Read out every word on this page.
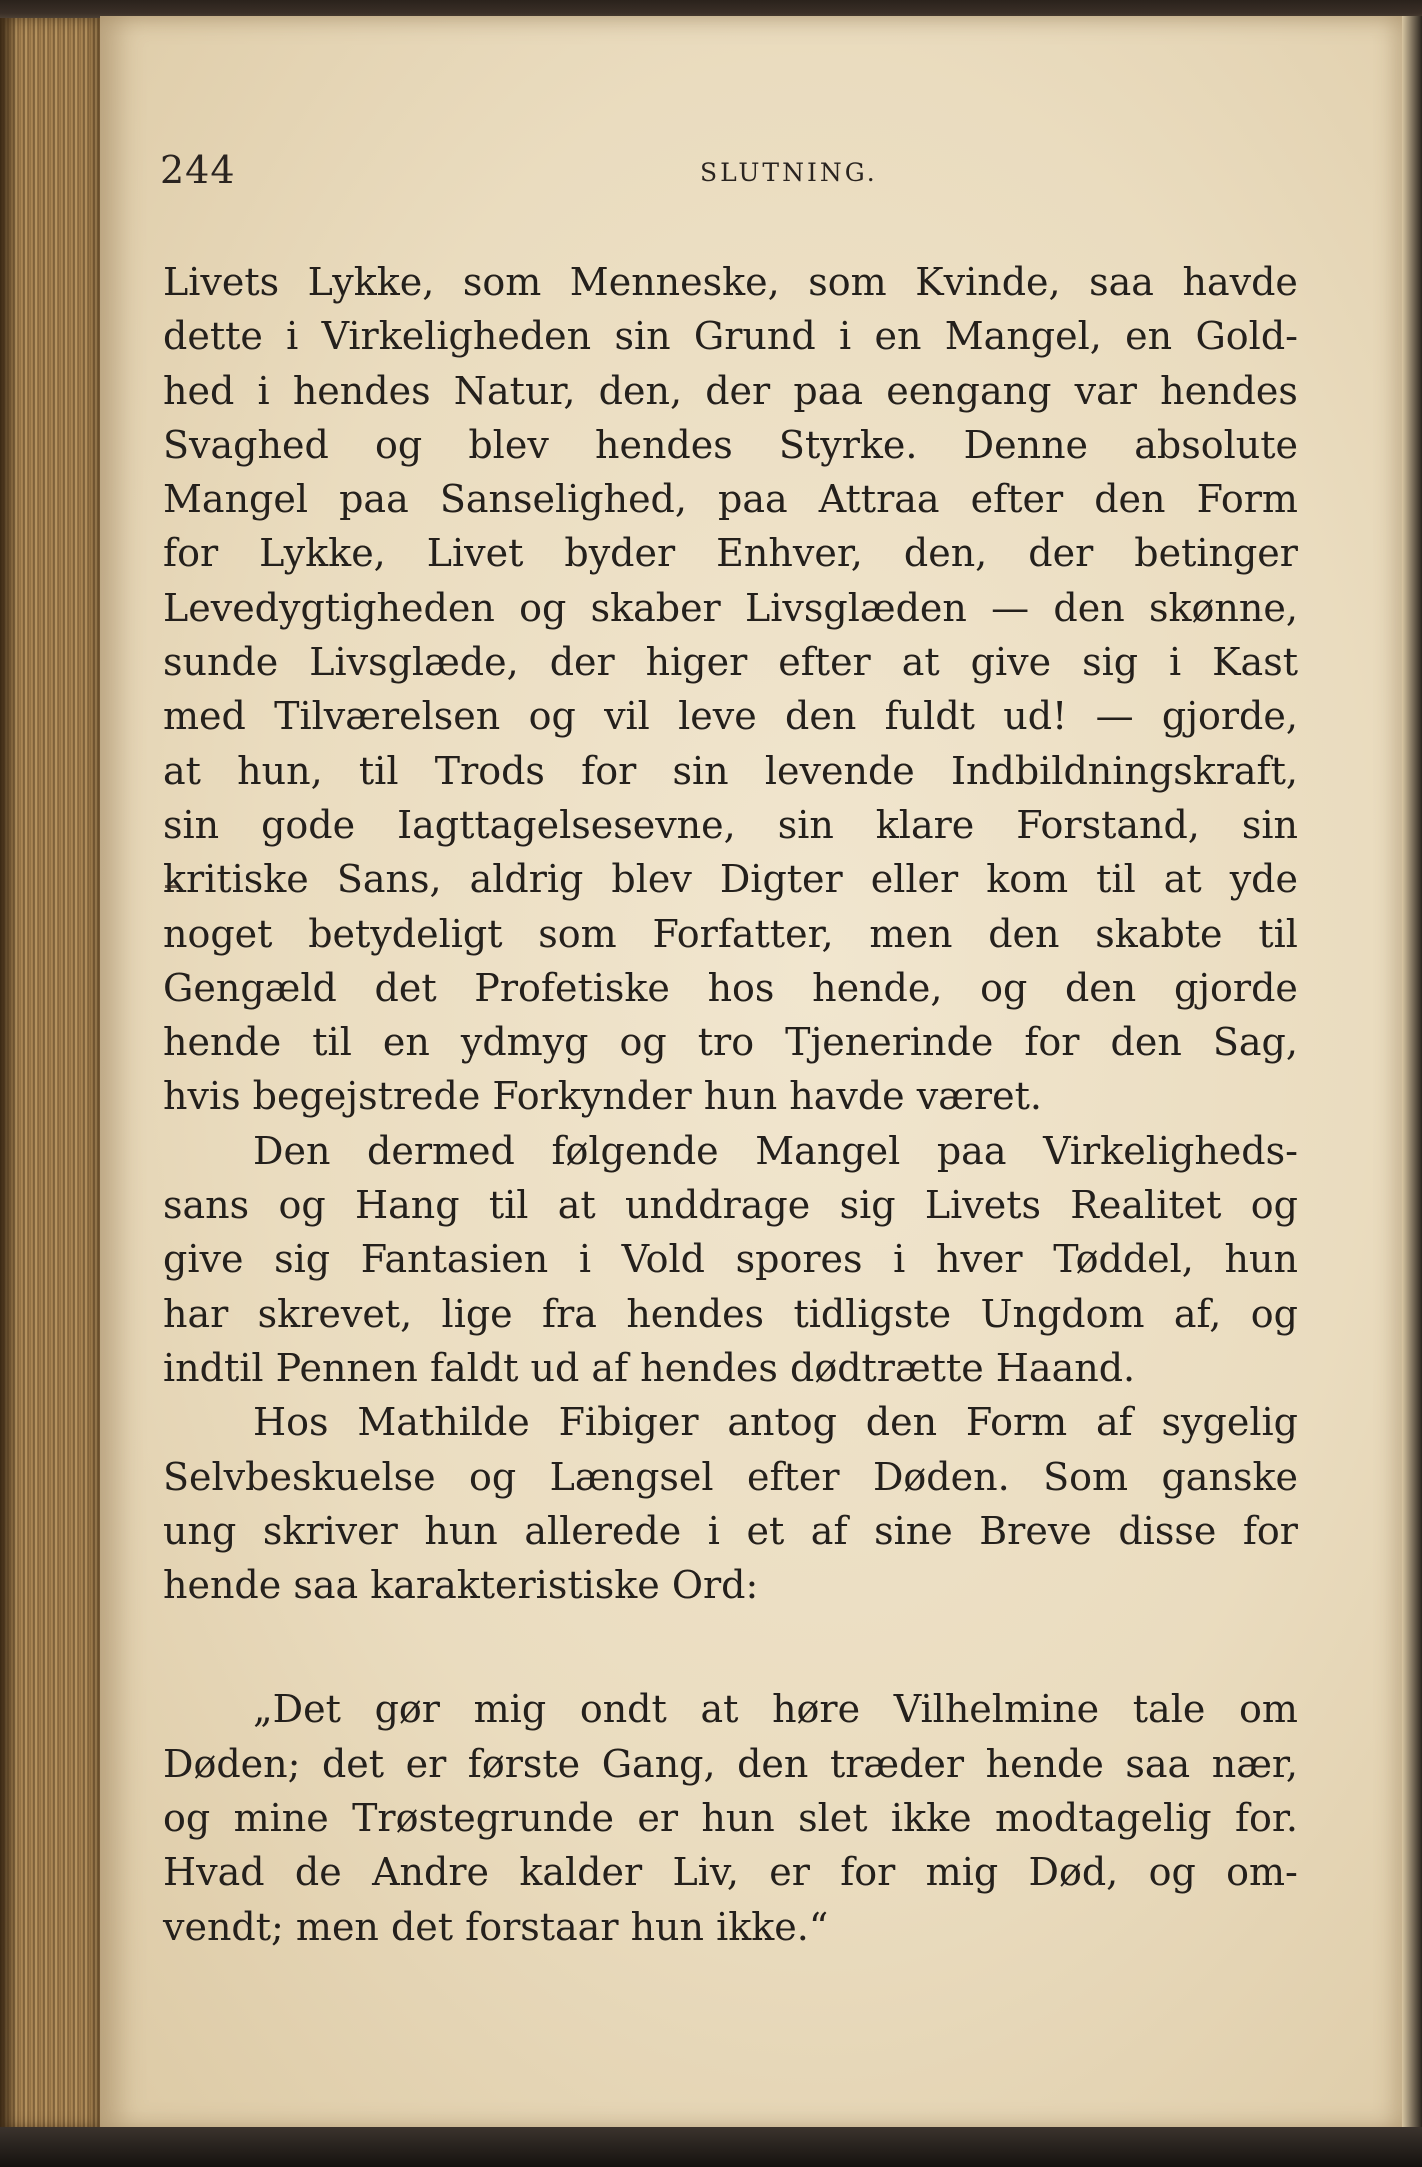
244	SLUTNING.
Livets Lykke, som Menneske, som Kvinde, saa havde
dette i Virkeligheden sin Grund i en Mangel, en Gold-
hed i hendes Natur, den, der paa eengang var hendes
Svaghed og blev hendes Styrke. Denne absolute
Mangel paa Sanselighed, paa Attraa efter den Form
for Lykke, Livet byder Enhver, den, der betinger
Levedygtigheden og skaber Livsglæden — den skønne,
sunde Livsglæde, der higer efter at give sig i Kast
med Tilværelsen og vil leve den fuldt ud! — gjorde,
at hun, til Trods for sin levende Indbildningskraft,
sin gode Iagttagelsesevne, sin klare Forstand, sin
kritiske Sans, aldrig blev Digter eller kom til at yde
noget betydeligt som Forfatter, men den skabte til
Gengæld det Profetiske hos hende, og den gjorde
hende til en ydmyg og tro Tjenerinde for den Sag,
hvis begejstrede Forkynder hun havde været.
Den dermed følgende Mangel paa Virkeligheds-
sans og Hang til at unddrage sig Livets Realitet og
give sig Fantasien i Vold spores i hver Tøddel, hun
har skrevet, lige fra hendes tidligste Ungdom af, og
indtil Pennen faldt ud af hendes dødtrætte Haand.
Hos Mathilde Fibiger antog den Form af sygelig
Selvbeskuelse og Længsel efter Døden. Som ganske
ung skriver hun allerede i et af sine Breve disse for
hende saa karakteristiske Ord:
„Det gør mig ondt at høre Vilhelmine tale om
Døden; det er første Gang, den træder hende saa nær,
og mine Trøstegrunde er hun slet ikke modtagelig for.
Hvad de Andre kalder Liv, er for mig Død, og om-
vendt; men det forstaar hun ikke.“
